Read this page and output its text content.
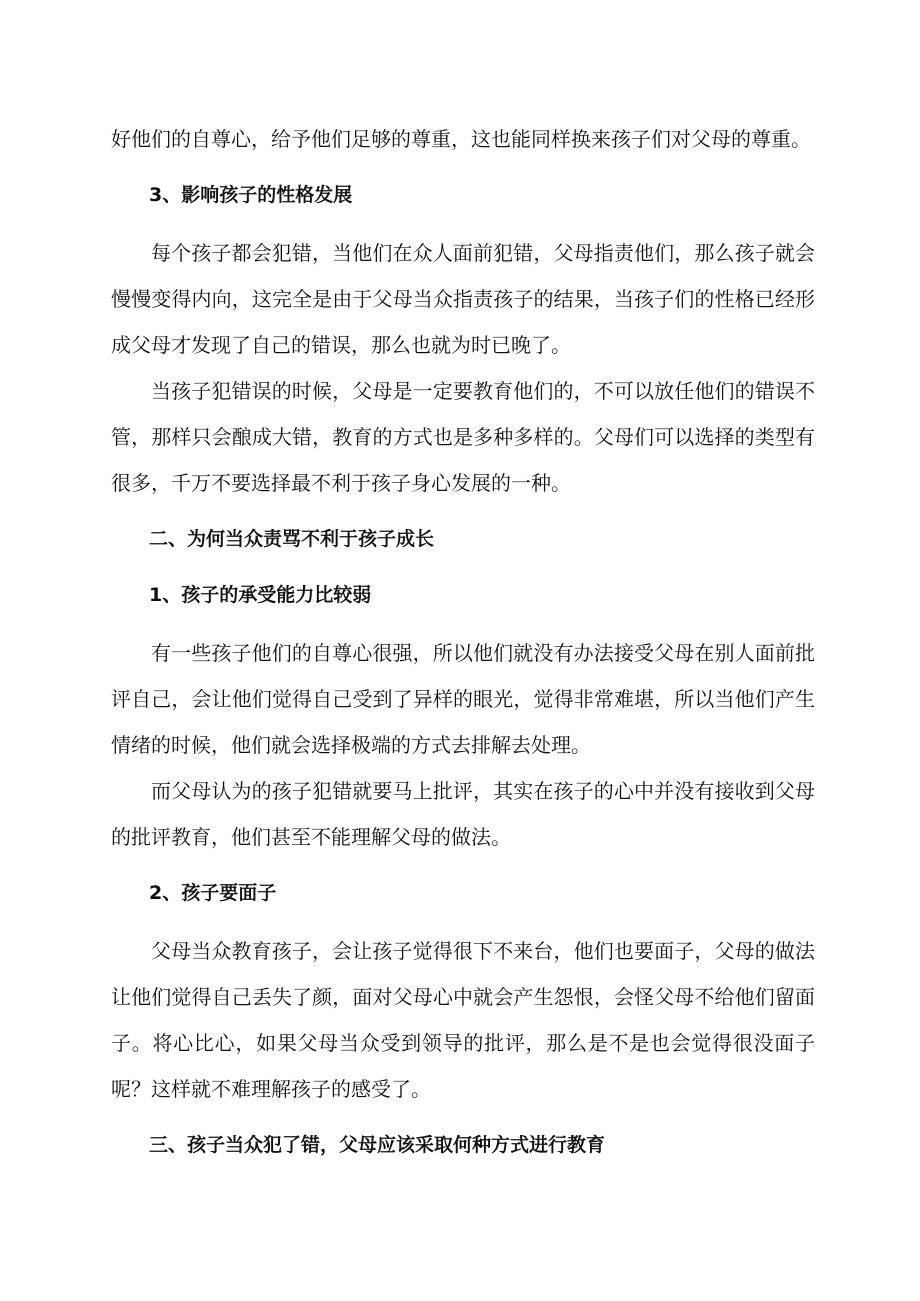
好他们的自尊心，给予他们足够的尊重，这也能同样换来孩子们对父母的尊重。

3、影响孩子的性格发展

每个孩子都会犯错，当他们在众人面前犯错，父母指责他们，那么孩子就会慢慢变得内向，这完全是由于父母当众指责孩子的结果，当孩子们的性格已经形成父母才发现了自己的错误，那么也就为时已晚了。

当孩子犯错误的时候，父母是一定要教育他们的，不可以放任他们的错误不管，那样只会酿成大错，教育的方式也是多种多样的。父母们可以选择的类型有很多，千万不要选择最不利于孩子身心发展的一种。

二、为何当众责骂不利于孩子成长

1、孩子的承受能力比较弱

有一些孩子他们的自尊心很强，所以他们就没有办法接受父母在别人面前批评自己，会让他们觉得自己受到了异样的眼光，觉得非常难堪，所以当他们产生情绪的时候，他们就会选择极端的方式去排解去处理。

而父母认为的孩子犯错就要马上批评，其实在孩子的心中并没有接收到父母的批评教育，他们甚至不能理解父母的做法。

2、孩子要面子

父母当众教育孩子，会让孩子觉得很下不来台，他们也要面子，父母的做法让他们觉得自己丢失了颜，面对父母心中就会产生怨恨，会怪父母不给他们留面子。将心比心，如果父母当众受到领导的批评，那么是不是也会觉得很没面子呢？这样就不难理解孩子的感受了。

三、孩子当众犯了错，父母应该采取何种方式进行教育
